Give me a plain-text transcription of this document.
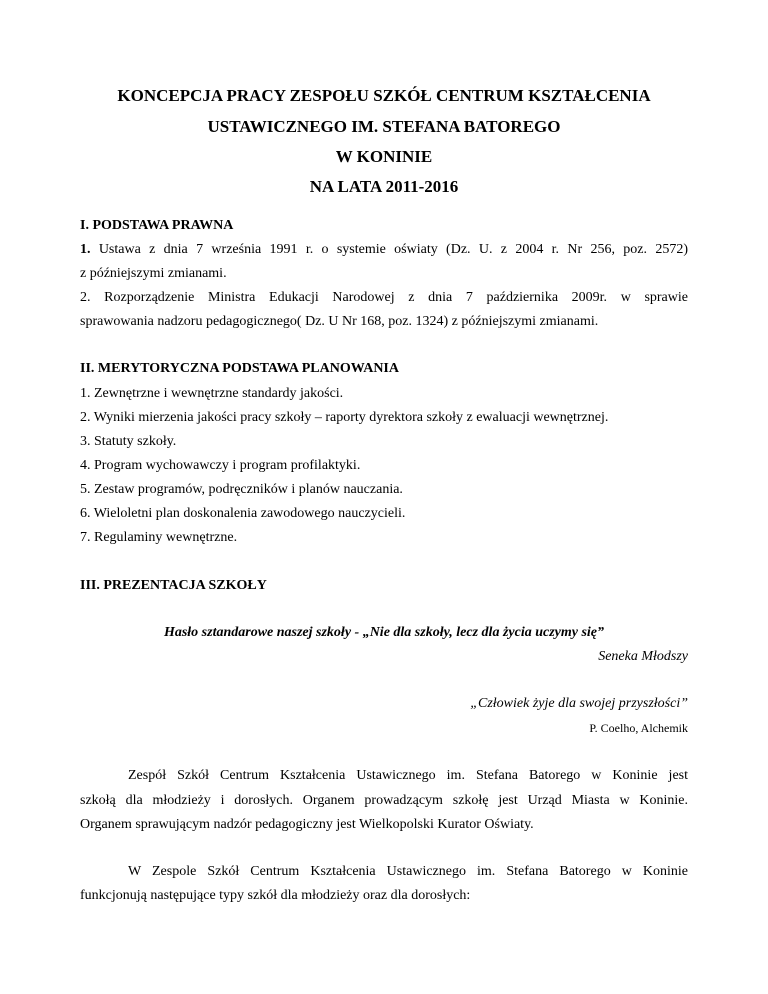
KONCEPCJA PRACY ZESPOŁU SZKÓŁ CENTRUM KSZTAŁCENIA
USTAWICZNEGO IM. STEFANA BATOREGO
W KONINIE
NA LATA 2011-2016
I. PODSTAWA PRAWNA
1. Ustawa z dnia 7 września 1991 r. o systemie oświaty (Dz. U. z 2004 r. Nr 256, poz. 2572)
z późniejszymi zmianami.
2. Rozporządzenie Ministra Edukacji Narodowej z dnia 7 października 2009r. w sprawie
sprawowania nadzoru pedagogicznego( Dz. U Nr 168, poz. 1324) z późniejszymi zmianami.
II. MERYTORYCZNA PODSTAWA PLANOWANIA
1. Zewnętrzne i wewnętrzne standardy jakości.
2. Wyniki mierzenia jakości pracy szkoły – raporty dyrektora szkoły z ewaluacji wewnętrznej.
3. Statuty szkoły.
4. Program wychowawczy i program profilaktyki.
5. Zestaw programów, podręczników i planów nauczania.
6. Wieloletni plan doskonalenia zawodowego nauczycieli.
7. Regulaminy wewnętrzne.
III. PREZENTACJA SZKOŁY
Hasło sztandarowe naszej szkoły - „Nie dla szkoły, lecz dla życia uczymy się”
Seneka Młodszy
„Człowiek żyje dla swojej przyszłości”
P. Coelho, Alchemik
Zespół Szkół Centrum Kształcenia Ustawicznego im. Stefana Batorego w Koninie jest
szkołą dla młodzieży i dorosłych. Organem prowadzącym szkołę jest Urząd Miasta w Koninie.
Organem sprawującym nadzór pedagogiczny jest Wielkopolski Kurator Oświaty.
W Zespole Szkół Centrum Kształcenia Ustawicznego im. Stefana Batorego w Koninie
funkcjonują następujące typy szkół dla młodzieży oraz dla dorosłych:
